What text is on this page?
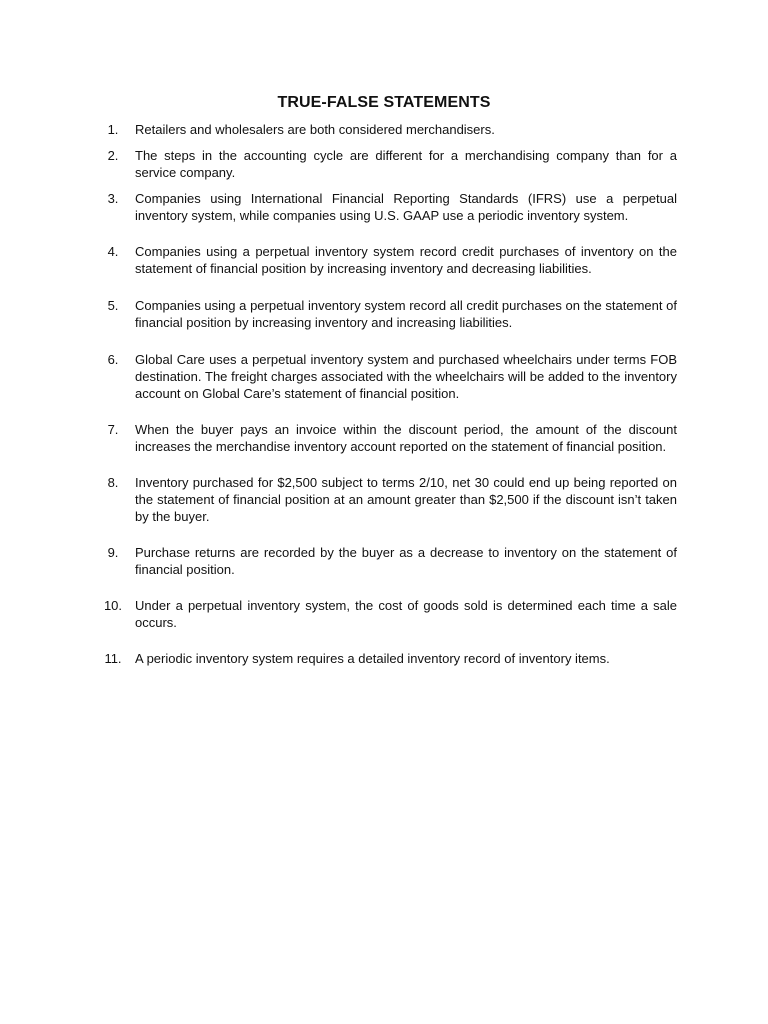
TRUE-FALSE STATEMENTS
1.	Retailers and wholesalers are both considered merchandisers.
2.	The steps in the accounting cycle are different for a merchandising company than for a service company.
3.	Companies using International Financial Reporting Standards (IFRS) use a perpetual inventory system, while companies using U.S. GAAP use a periodic inventory system.
4.	Companies using a perpetual inventory system record credit purchases of inventory on the statement of financial position by increasing inventory and decreasing liabilities.
5.	Companies using a perpetual inventory system record all credit purchases on the statement of financial position by increasing inventory and increasing liabilities.
6.	Global Care uses a perpetual inventory system and purchased wheelchairs under terms FOB destination. The freight charges associated with the wheelchairs will be added to the inventory account on Global Care’s statement of financial position.
7.	When the buyer pays an invoice within the discount period, the amount of the discount increases the merchandise inventory account reported on the statement of financial position.
8.	Inventory purchased for $2,500 subject to terms 2/10, net 30 could end up being reported on the statement of financial position at an amount greater than $2,500 if the discount isn’t taken by the buyer.
9.	Purchase returns are recorded by the buyer as a decrease to inventory on the statement of financial position.
10. Under a perpetual inventory system, the cost of goods sold is determined each time a sale occurs.
11.	A periodic inventory system requires a detailed inventory record of inventory items.
